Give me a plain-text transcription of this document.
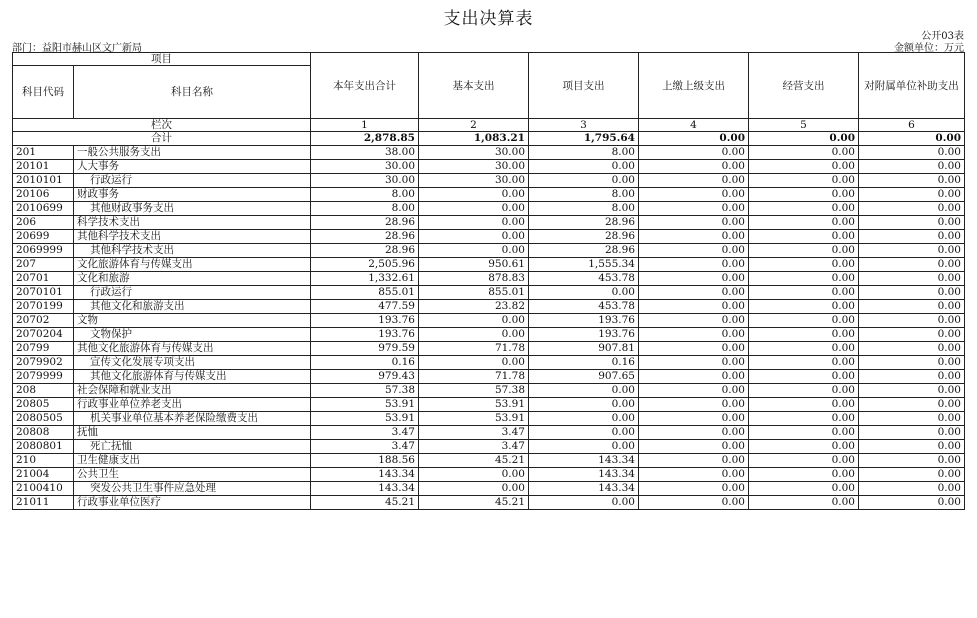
支出决算表
公开03表
部门：益阳市赫山区文广新局	金额单位：万元
项目		本年支出合计	基本支出	项目支出	上缴上级支出	经营支出	对附属单位补助支出
科目代码	科目名称						
栏次		1	2	3	4	5	6
合计		2,878.85	1,083.21	1,795.64	0.00	0.00	0.00
201	一般公共服务支出	38.00	30.00	8.00	0.00	0.00	0.00
20101	人大事务	30.00	30.00	0.00	0.00	0.00	0.00
2010101	行政运行	30.00	30.00	0.00	0.00	0.00	0.00
20106	财政事务	8.00	0.00	8.00	0.00	0.00	0.00
2010699	其他财政事务支出	8.00	0.00	8.00	0.00	0.00	0.00
206	科学技术支出	28.96	0.00	28.96	0.00	0.00	0.00
20699	其他科学技术支出	28.96	0.00	28.96	0.00	0.00	0.00
2069999	其他科学技术支出	28.96	0.00	28.96	0.00	0.00	0.00
207	文化旅游体育与传媒支出	2,505.96	950.61	1,555.34	0.00	0.00	0.00
20701	文化和旅游	1,332.61	878.83	453.78	0.00	0.00	0.00
2070101	行政运行	855.01	855.01	0.00	0.00	0.00	0.00
2070199	其他文化和旅游支出	477.59	23.82	453.78	0.00	0.00	0.00
20702	文物	193.76	0.00	193.76	0.00	0.00	0.00
2070204	文物保护	193.76	0.00	193.76	0.00	0.00	0.00
20799	其他文化旅游体育与传媒支出	979.59	71.78	907.81	0.00	0.00	0.00
2079902	宣传文化发展专项支出	0.16	0.00	0.16	0.00	0.00	0.00
2079999	其他文化旅游体育与传媒支出	979.43	71.78	907.65	0.00	0.00	0.00
208	社会保障和就业支出	57.38	57.38	0.00	0.00	0.00	0.00
20805	行政事业单位养老支出	53.91	53.91	0.00	0.00	0.00	0.00
2080505	机关事业单位基本养老保险缴费支出	53.91	53.91	0.00	0.00	0.00	0.00
20808	抚恤	3.47	3.47	0.00	0.00	0.00	0.00
2080801	死亡抚恤	3.47	3.47	0.00	0.00	0.00	0.00
210	卫生健康支出	188.56	45.21	143.34	0.00	0.00	0.00
21004	公共卫生	143.34	0.00	143.34	0.00	0.00	0.00
2100410	突发公共卫生事件应急处理	143.34	0.00	143.34	0.00	0.00	0.00
21011	行政事业单位医疗	45.21	45.21	0.00	0.00	0.00	0.00
